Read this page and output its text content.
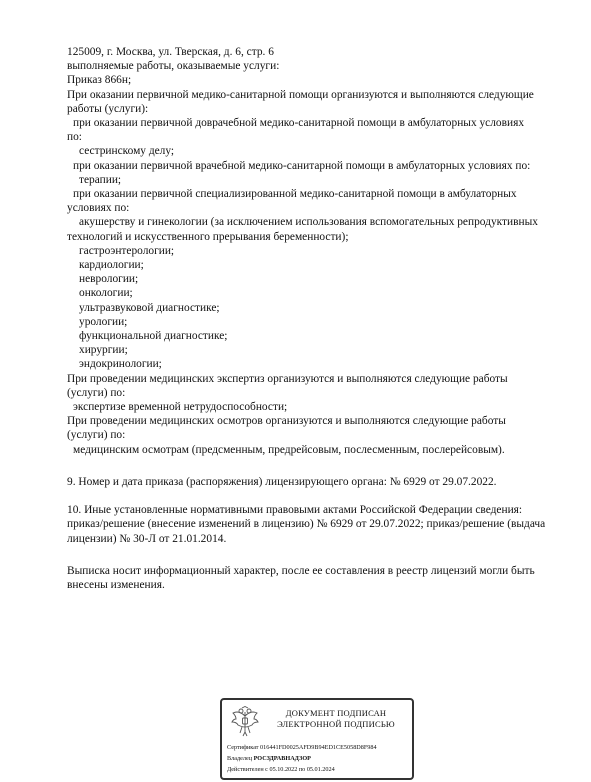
125009, г. Москва, ул. Тверская, д. 6, стр. 6
выполняемые работы, оказываемые услуги:
Приказ 866н;
При оказании первичной медико-санитарной помощи организуются и выполняются следующие
работы (услуги):
при оказании первичной доврачебной медико-санитарной помощи в амбулаторных условиях
по:
сестринскому делу;
при оказании первичной врачебной медико-санитарной помощи в амбулаторных условиях по:
терапии;
при оказании первичной специализированной медико-санитарной помощи в амбулаторных
условиях по:
акушерству и гинекологии (за исключением использования вспомогательных репродуктивных
технологий и искусственного прерывания беременности);
гастроэнтерологии;
кардиологии;
неврологии;
онкологии;
ультразвуковой диагностике;
урологии;
функциональной диагностике;
хирургии;
эндокринологии;
При проведении медицинских экспертиз организуются и выполняются следующие работы
(услуги) по:
экспертизе временной нетрудоспособности;
При проведении медицинских осмотров организуются и выполняются следующие работы
(услуги) по:
медицинским осмотрам (предсменным, предрейсовым, послесменным, послерейсовым).
9. Номер и дата приказа (распоряжения) лицензирующего органа: № 6929 от 29.07.2022.
10. Иные установленные нормативными правовыми актами Российской Федерации сведения:
приказ/решение (внесение изменений в лицензию) № 6929 от 29.07.2022; приказ/решение (выдача
лицензии) № 30-Л от 21.01.2014.
Выписка носит информационный характер, после ее составления в реестр лицензий могли быть
внесены изменения.
ДОКУМЕНТ ПОДПИСАН
ЭЛЕКТРОННОЙ ПОДПИСЬЮ
Сертификат 016441FD0025AFD9B94ED1CE5058D8F984
Владелец РОСЗДРАВНАДЗОР
Действителен с 05.10.2022 по 05.01.2024
